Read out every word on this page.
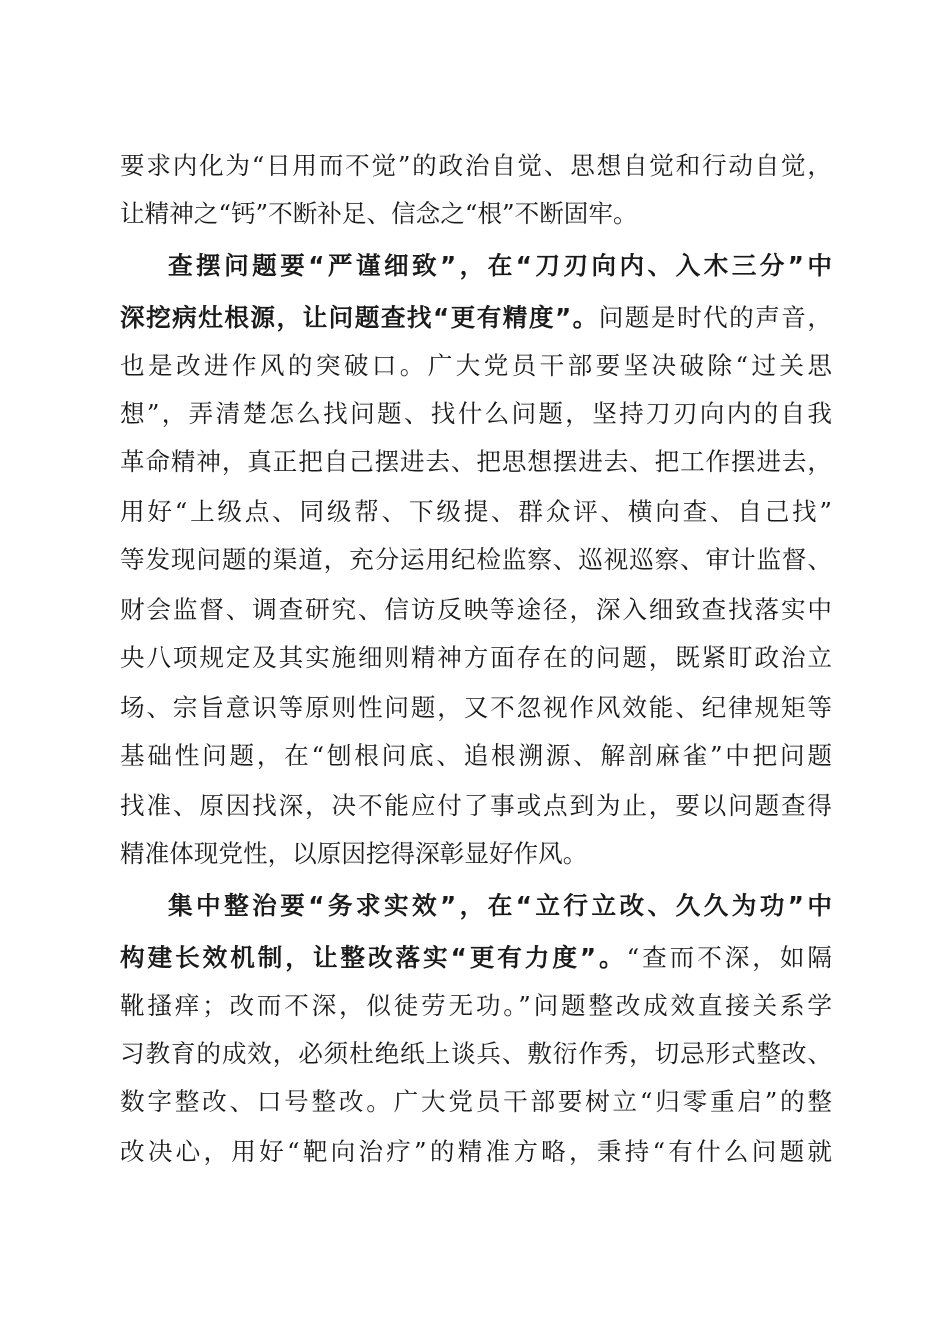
要求内化为“日用而不觉”的政治自觉、思想自觉和行动自觉，
让精神之“钙”不断补足、信念之“根”不断固牢。
查摆问题要“严谨细致”，在“刀刃向内、入木三分”中
深挖病灶根源，让问题查找“更有精度”。问题是时代的声音，
也是改进作风的突破口。广大党员干部要坚决破除“过关思
想”，弄清楚怎么找问题、找什么问题，坚持刀刃向内的自我
革命精神，真正把自己摆进去、把思想摆进去、把工作摆进去，
用好“上级点、同级帮、下级提、群众评、横向查、自己找”
等发现问题的渠道，充分运用纪检监察、巡视巡察、审计监督、
财会监督、调查研究、信访反映等途径，深入细致查找落实中
央八项规定及其实施细则精神方面存在的问题，既紧盯政治立
场、宗旨意识等原则性问题，又不忽视作风效能、纪律规矩等
基础性问题，在“刨根问底、追根溯源、解剖麻雀”中把问题
找准、原因找深，决不能应付了事或点到为止，要以问题查得
精准体现党性，以原因挖得深彰显好作风。
集中整治要“务求实效”，在“立行立改、久久为功”中
构建长效机制，让整改落实“更有力度”。“查而不深，如隔
靴搔痒；改而不深，似徒劳无功。”问题整改成效直接关系学
习教育的成效，必须杜绝纸上谈兵、敷衍作秀，切忌形式整改、
数字整改、口号整改。广大党员干部要树立“归零重启”的整
改决心，用好“靶向治疗”的精准方略，秉持“有什么问题就
